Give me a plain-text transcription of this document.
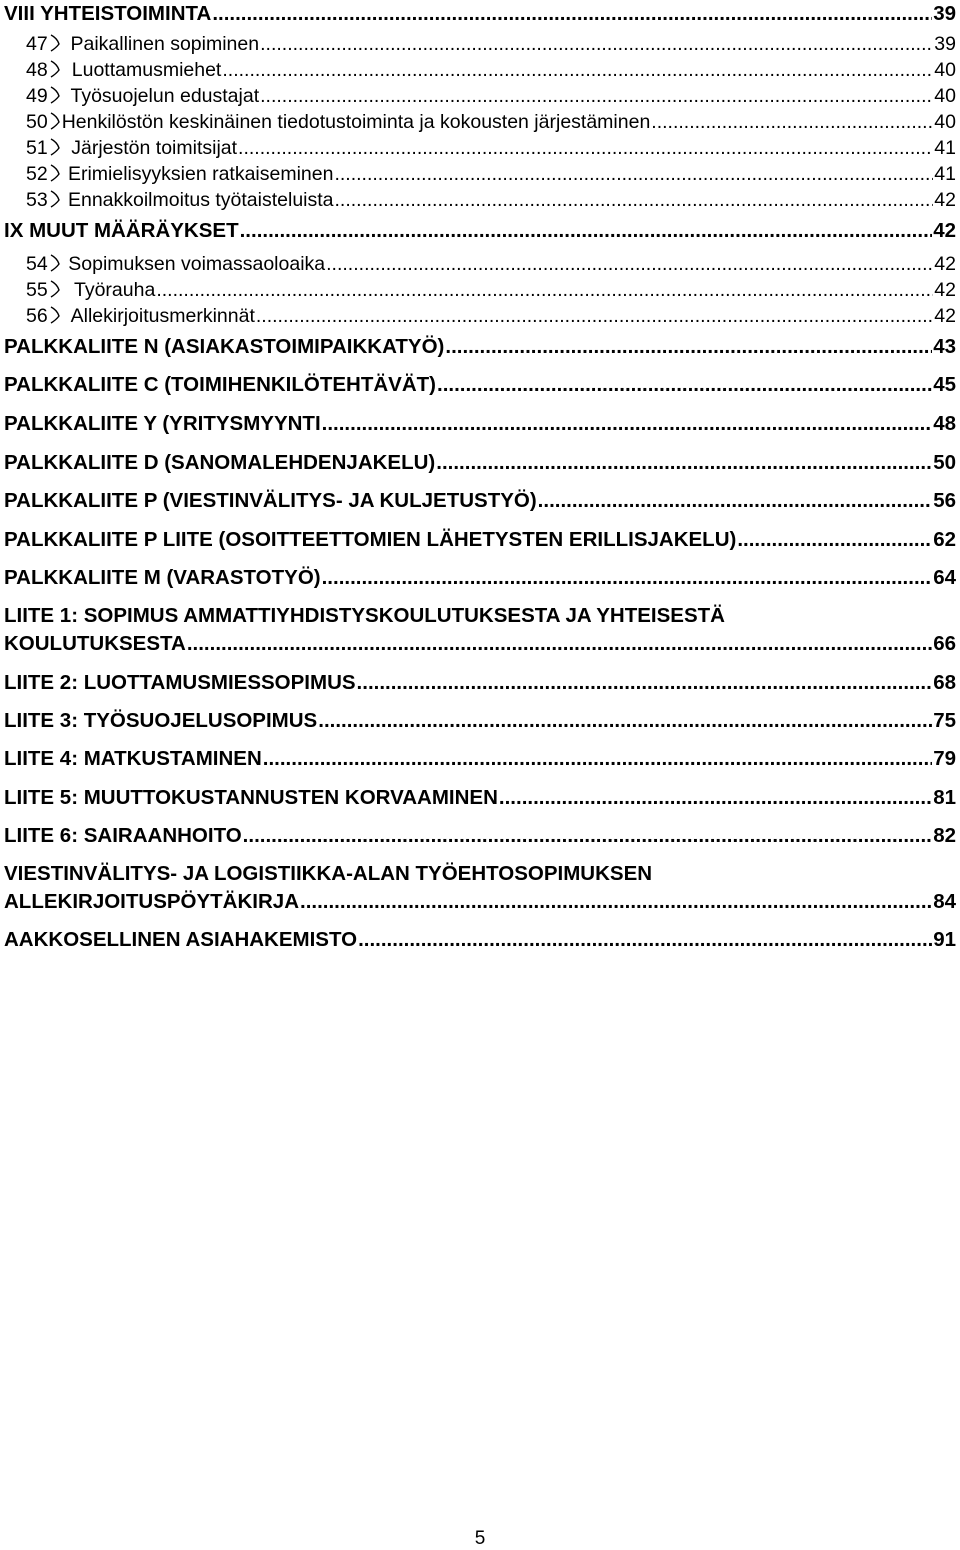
VIII YHTEISTOIMINTA .....	39
47 Paikallinen sopiminen .....	39
48 Luottamusmiehet .....	40
49 Työsuojelun edustajat .....	40
50 Henkilöstön keskinäinen tiedotustoiminta ja kokousten järjestäminen .....	40
51 Järjestön toimitsijat .....	41
52 Erimielisyyksien ratkaiseminen .....	41
53 Ennakkoilmoitus työtaisteluista .....	42
IX MUUT MÄÄRÄYKSET .....	42
54 Sopimuksen voimassaoloaika .....	42
55 Työrauha .....	42
56 Allekirjoitusmerkinnät .....	42
PALKKALIITE N (ASIAKASTOIMIPAIKKATYÖ) .....	43
PALKKALIITE C (TOIMIHENKILÖTEHTÄVÄT) .....	45
PALKKALIITE Y (YRITYSMYYNTI .....	48
PALKKALIITE D (SANOMALEHDENJAKELU) .....	50
PALKKALIITE P (VIESTINVÄLITYS- JA KULJETUSTYÖ) .....	56
PALKKALIITE P LIITE (OSOITTEETTOMIEN LÄHETYSTEN ERILLISJAKELU) .....	62
PALKKALIITE M (VARASTOTYÖ) .....	64
LIITE 1: SOPIMUS AMMATTIYHDISTYSKOULUTUKSESTA JA YHTEISESTÄ
KOULUTUKSESTA .....	66
LIITE 2: LUOTTAMUSMIESSOPIMUS .....	68
LIITE 3: TYÖSUOJELUSOPIMUS .....	75
LIITE 4: MATKUSTAMINEN .....	79
LIITE 5: MUUTTOKUSTANNUSTEN KORVAAMINEN .....	81
LIITE 6: SAIRAANHOITO .....	82
VIESTINVÄLITYS- JA LOGISTIIKKA-ALAN TYÖEHTOSOPIMUKSEN
ALLEKIRJOITUSPÖYTÄKIRJA .....	84
AAKKOSELLINEN ASIAHAKEMISTO .....	91
5
